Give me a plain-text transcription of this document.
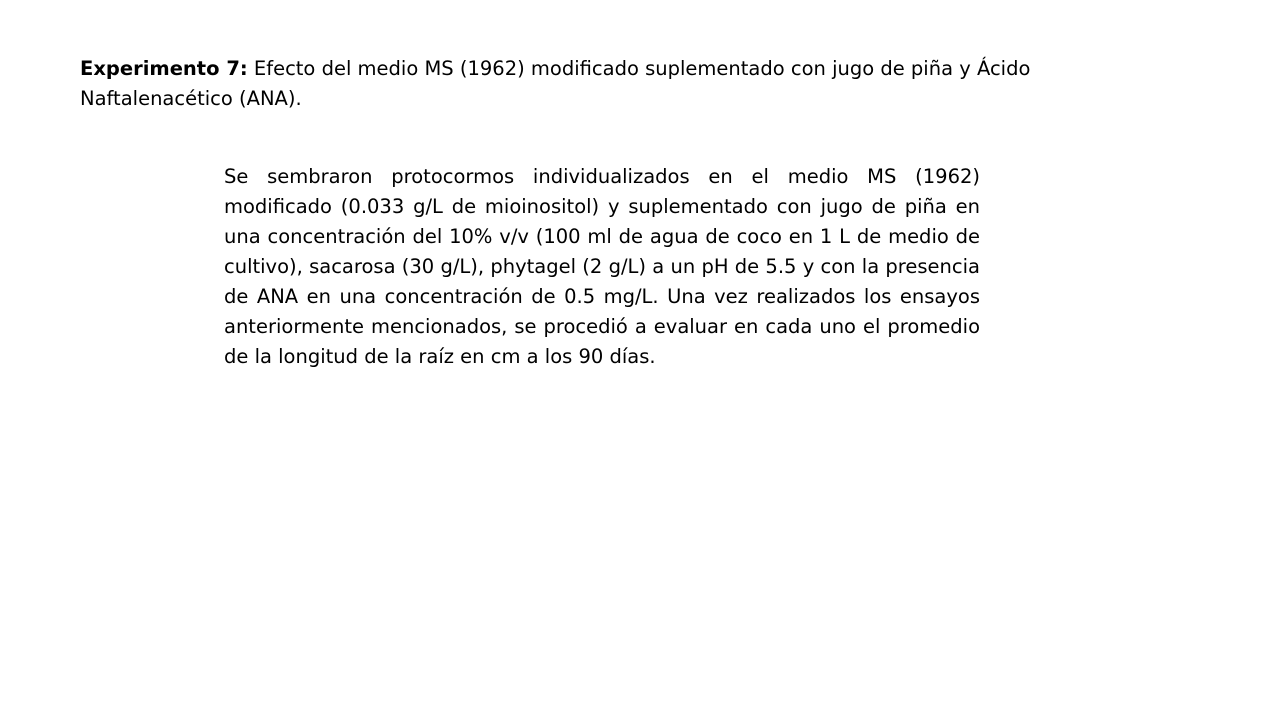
Experimento 7: Efecto del medio MS (1962) modificado suplementado con jugo de piña y Ácido Naftalenacético (ANA).

Se sembraron protocormos individualizados en el medio MS (1962) modificado (0.033 g/L de mioinositol) y suplementado con jugo de piña en una concentración del 10% v/v (100 ml de agua de coco en 1 L de medio de cultivo), sacarosa (30 g/L), phytagel (2 g/L) a un pH de 5.5 y con la presencia de ANA en una concentración de 0.5 mg/L. Una vez realizados los ensayos anteriormente mencionados, se procedió a evaluar en cada uno el promedio de la longitud de la raíz en cm a los 90 días.
